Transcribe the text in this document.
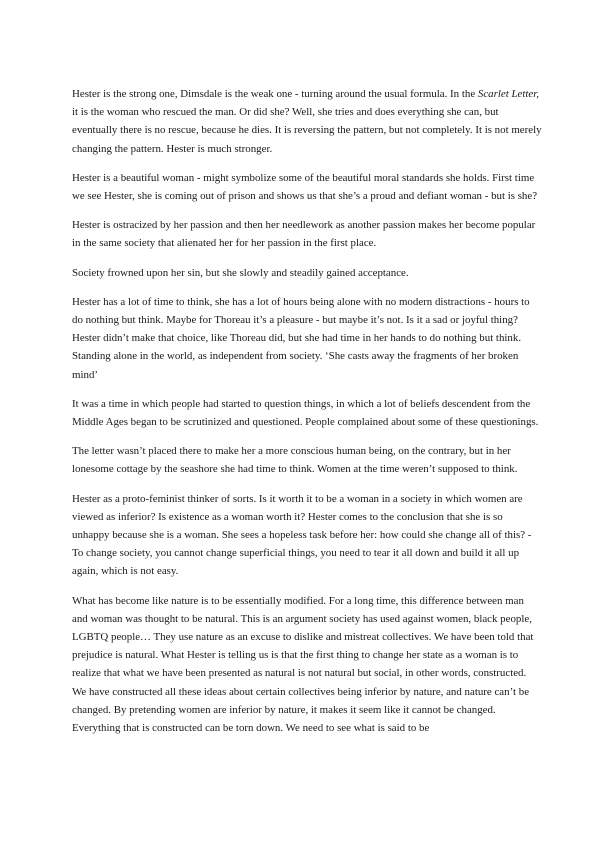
Hester is the strong one, Dimsdale is the weak one - turning around the usual formula. In the Scarlet Letter, it is the woman who rescued the man. Or did she? Well, she tries and does everything she can, but eventually there is no rescue, because he dies. It is reversing the pattern, but not completely. It is not merely changing the pattern. Hester is much stronger.

Hester is a beautiful woman - might symbolize some of the beautiful moral standards she holds. First time we see Hester, she is coming out of prison and shows us that she’s a proud and defiant woman - but is she?

Hester is ostracized by her passion and then her needlework as another passion makes her become popular in the same society that alienated her for her passion in the first place.

Society frowned upon her sin, but she slowly and steadily gained acceptance.

Hester has a lot of time to think, she has a lot of hours being alone with no modern distractions - hours to do nothing but think. Maybe for Thoreau it’s a pleasure - but maybe it’s not. Is it a sad or joyful thing? Hester didn’t make that choice, like Thoreau did, but she had time in her hands to do nothing but think. Standing alone in the world, as independent from society. ‘She casts away the fragments of her broken mind’

It was a time in which people had started to question things, in which a lot of beliefs descendent from the Middle Ages began to be scrutinized and questioned. People complained about some of these questionings.

The letter wasn’t placed there to make her a more conscious human being, on the contrary, but in her lonesome cottage by the seashore she had time to think. Women at the time weren’t supposed to think.

Hester as a proto-feminist thinker of sorts. Is it worth it to be a woman in a society in which women are viewed as inferior? Is existence as a woman worth it? Hester comes to the conclusion that she is so unhappy because she is a woman. She sees a hopeless task before her: how could she change all of this? - To change society, you cannot change superficial things, you need to tear it all down and build it all up again, which is not easy.

What has become like nature is to be essentially modified. For a long time, this difference between man and woman was thought to be natural. This is an argument society has used against women, black people, LGBTQ people… They use nature as an excuse to dislike and mistreat collectives. We have been told that prejudice is natural. What Hester is telling us is that the first thing to change her state as a woman is to realize that what we have been presented as natural is not natural but social, in other words, constructed. We have constructed all these ideas about certain collectives being inferior by nature, and nature can’t be changed. By pretending women are inferior by nature, it makes it seem like it cannot be changed. Everything that is constructed can be torn down. We need to see what is said to be
